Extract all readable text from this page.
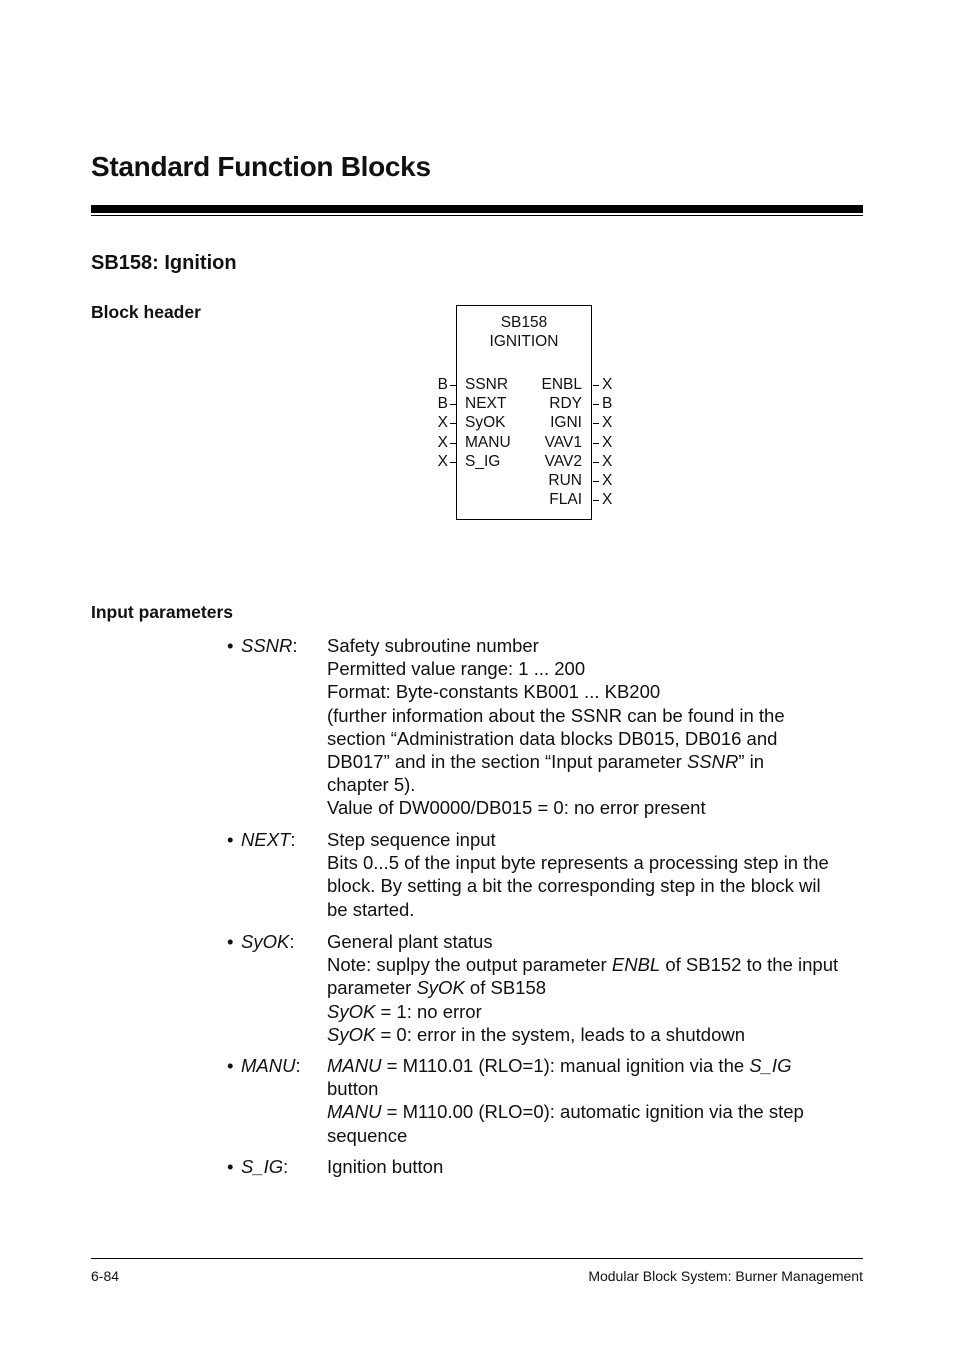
Standard Function Blocks
SB158: Ignition
Block header
SB158
IGNITION
B SSNR
B NEXT
X SyOK
X MANU
X S_IG
ENBL X
RDY B
IGNI X
VAV1 X
VAV2 X
RUN X
FLAI X
Input parameters
• SSNR: Safety subroutine number
Permitted value range: 1 ... 200
Format: Byte-constants KB001 ... KB200
(further information about the SSNR can be found in the
section “Administration data blocks DB015, DB016 and
DB017” and in the section “Input parameter SSNR” in
chapter 5).
Value of DW0000/DB015 = 0: no error present
• NEXT: Step sequence input
Bits 0...5 of the input byte represents a processing step in the
block. By setting a bit the corresponding step in the block wil
be started.
• SyOK: General plant status
Note: suplpy the output parameter ENBL of SB152 to the input
parameter SyOK of SB158
SyOK = 1: no error
SyOK = 0: error in the system, leads to a shutdown
• MANU: MANU = M110.01 (RLO=1): manual ignition via the S_IG
button
MANU = M110.00 (RLO=0): automatic ignition via the step
sequence
• S_IG: Ignition button
6-84	Modular Block System: Burner Management
